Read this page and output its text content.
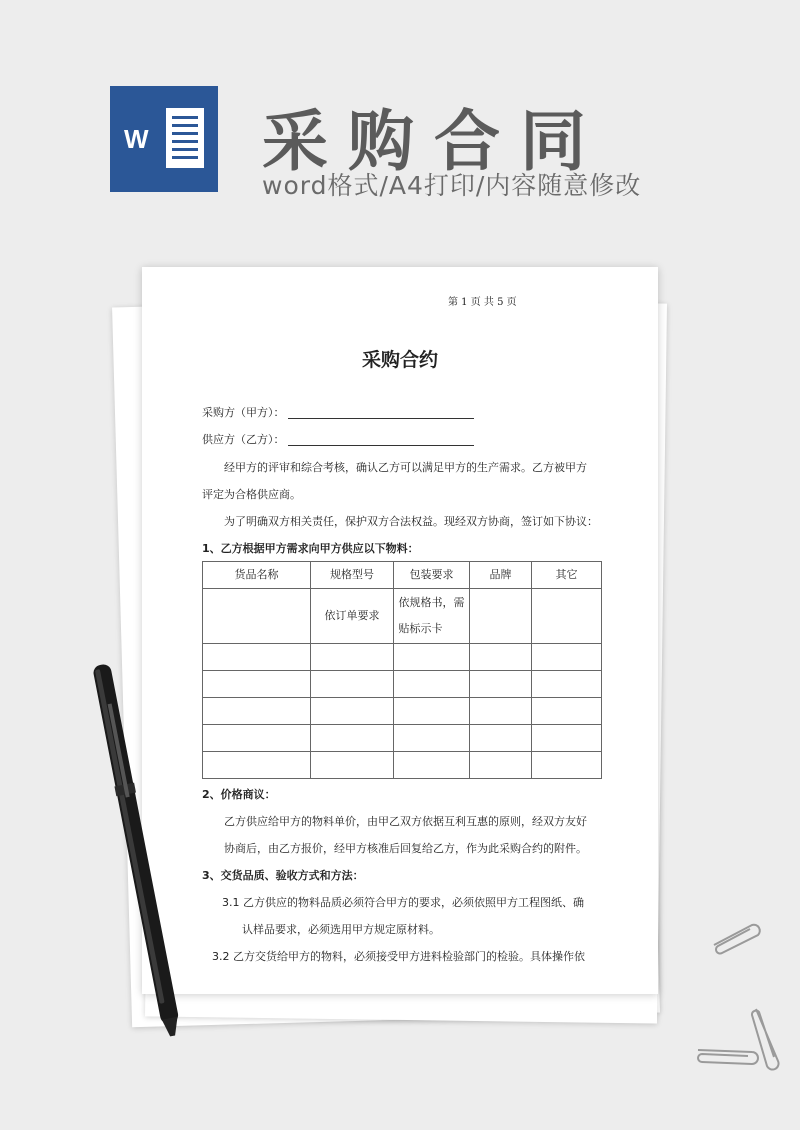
W 采购合同
word格式/A4打印/内容随意修改
第 1 页 共 5 页
采购合约
采购方（甲方）：
供应方（乙方）：
经甲方的评审和综合考核，确认乙方可以满足甲方的生产需求。乙方被甲方
评定为合格供应商。
为了明确双方相关责任，保护双方合法权益。现经双方协商，签订如下协议：
1、乙方根据甲方需求向甲方供应以下物料：
货品名称	规格型号	包装要求	品牌	其它
	依订单要求	依规格书，需
贴标示卡		

2、价格商议：
乙方供应给甲方的物料单价，由甲乙双方依据互利互惠的原则，经双方友好
协商后，由乙方报价，经甲方核准后回复给乙方，作为此采购合约的附件。
3、交货品质、验收方式和方法：
3.1 乙方供应的物料品质必须符合甲方的要求，必须依照甲方工程图纸、确
认样品要求，必须选用甲方规定原材料。
3.2 乙方交货给甲方的物料，必须接受甲方进料检验部门的检验。具体操作依
